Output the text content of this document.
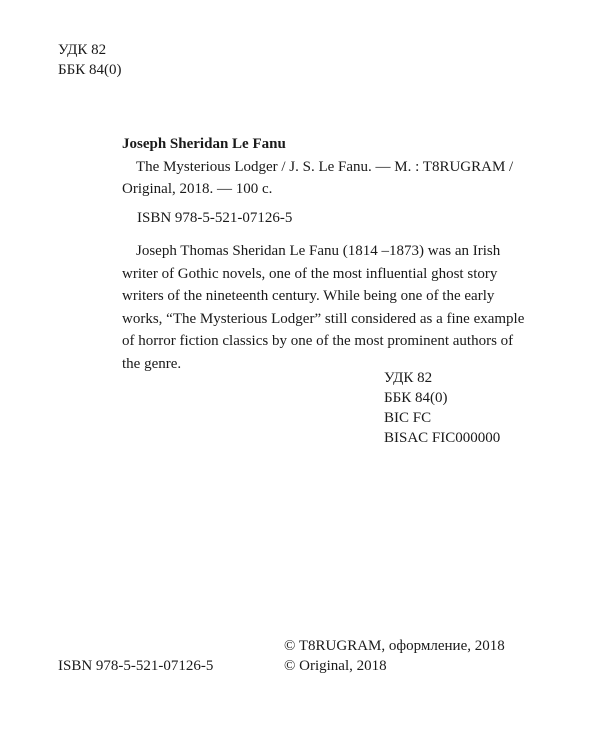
УДК 82
ББК 84(0)
Joseph Sheridan Le Fanu
The Mysterious Lodger / J. S. Le Fanu. — M. : T8RUGRAM /
Original, 2018. — 100 c.
ISBN 978-5-521-07126-5
Joseph Thomas Sheridan Le Fanu (1814 –1873) was an Irish
writer of Gothic novels, one of the most influential ghost story
writers of the nineteenth century. While being one of the early
works, “The Mysterious Lodger” still considered as a fine example
of horror fiction classics by one of the most prominent authors of
the genre.
УДК 82
ББК 84(0)
BIC FC
BISAC FIC000000
© T8RUGRAM, оформление, 2018
© Original, 2018
ISBN 978-5-521-07126-5
